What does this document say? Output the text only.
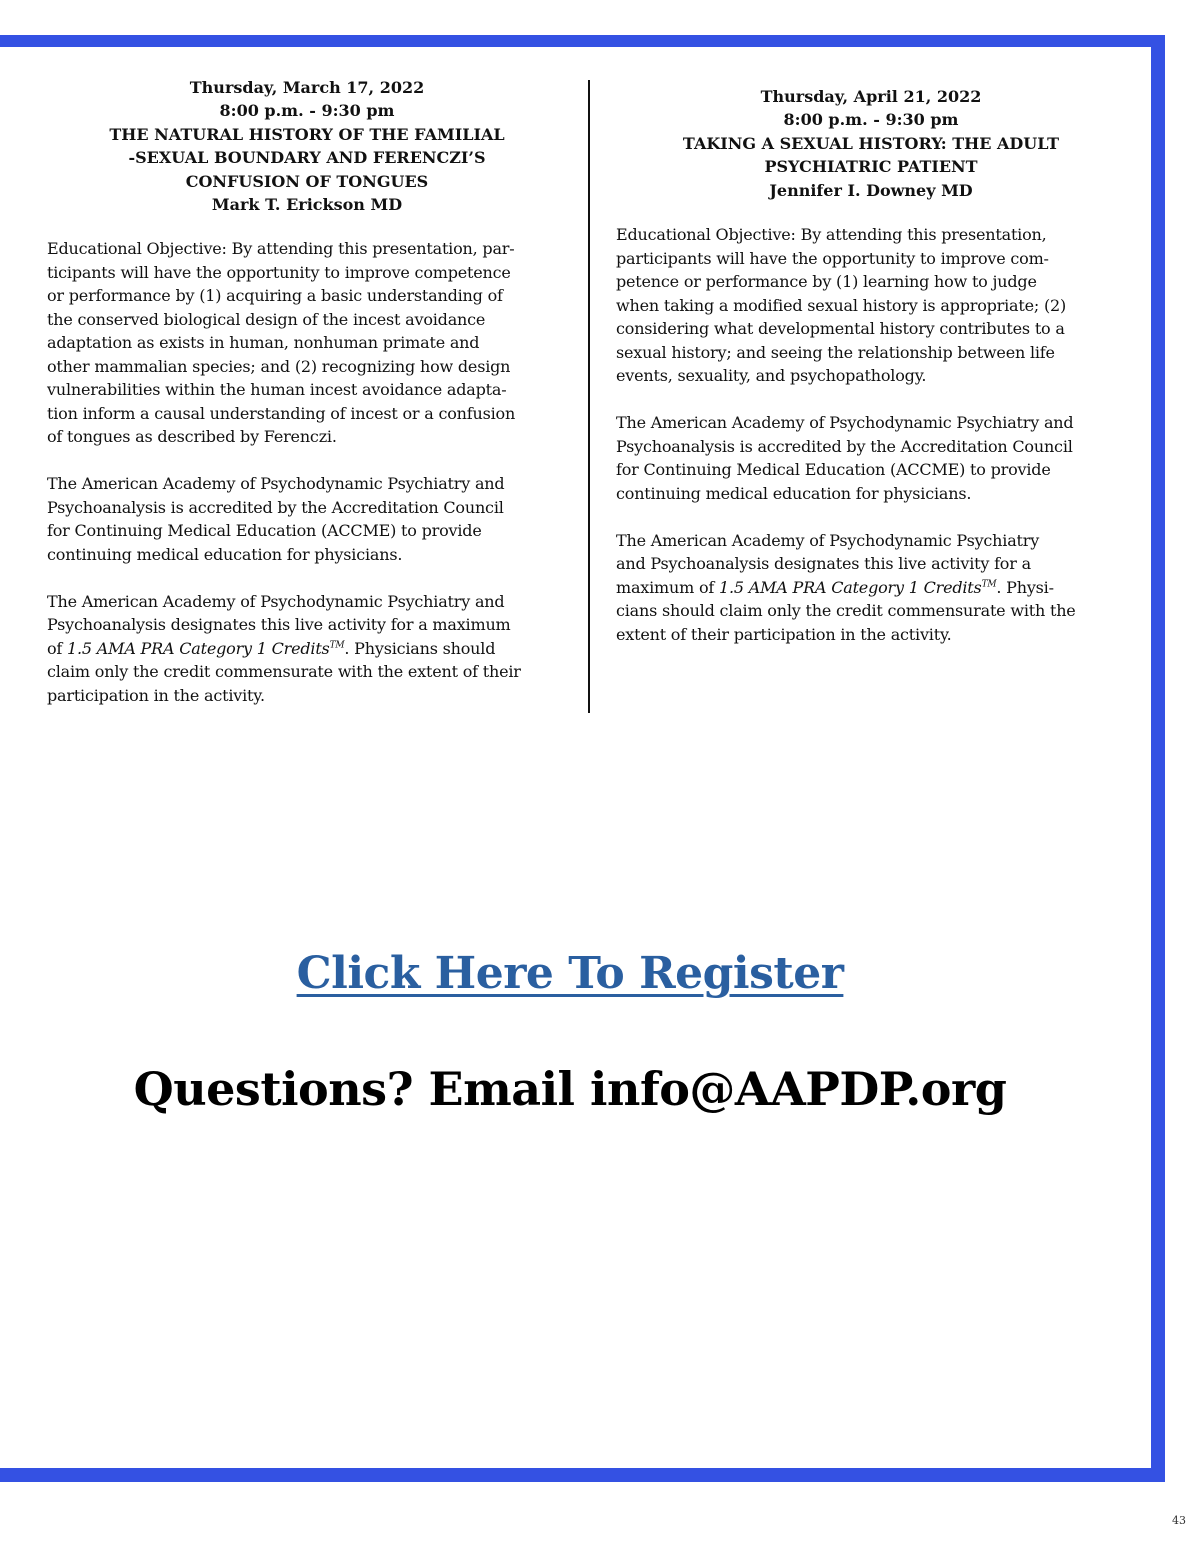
Thursday, March 17, 2022
8:00 p.m. - 9:30 pm
THE NATURAL HISTORY OF THE FAMILIAL
-SEXUAL BOUNDARY AND FERENCZI’S
CONFUSION OF TONGUES
Mark T. Erickson MD

Educational Objective: By attending this presentation, par-
ticipants will have the opportunity to improve competence
or performance by (1) acquiring a basic understanding of
the conserved biological design of the incest avoidance
adaptation as exists in human, nonhuman primate and
other mammalian species; and (2) recognizing how design
vulnerabilities within the human incest avoidance adapta-
tion inform a causal understanding of incest or a confusion
of tongues as described by Ferenczi.

The American Academy of Psychodynamic Psychiatry and
Psychoanalysis is accredited by the Accreditation Council
for Continuing Medical Education (ACCME) to provide
continuing medical education for physicians.

The American Academy of Psychodynamic Psychiatry and
Psychoanalysis designates this live activity for a maximum
of 1.5 AMA PRA Category 1 Credits™. Physicians should
claim only the credit commensurate with the extent of their
participation in the activity.

Thursday, April 21, 2022
8:00 p.m. - 9:30 pm
TAKING A SEXUAL HISTORY: THE ADULT
PSYCHIATRIC PATIENT
Jennifer I. Downey MD

Educational Objective: By attending this presentation,
participants will have the opportunity to improve com-
petence or performance by (1) learning how to judge
when taking a modified sexual history is appropriate; (2)
considering what developmental history contributes to a
sexual history; and seeing the relationship between life
events, sexuality, and psychopathology.

The American Academy of Psychodynamic Psychiatry and
Psychoanalysis is accredited by the Accreditation Council
for Continuing Medical Education (ACCME) to provide
continuing medical education for physicians.

The American Academy of Psychodynamic Psychiatry
and Psychoanalysis designates this live activity for a
maximum of 1.5 AMA PRA Category 1 Credits™. Physi-
cians should claim only the credit commensurate with the
extent of their participation in the activity.

Click Here To Register
Questions? Email info@AAPDP.org
43
